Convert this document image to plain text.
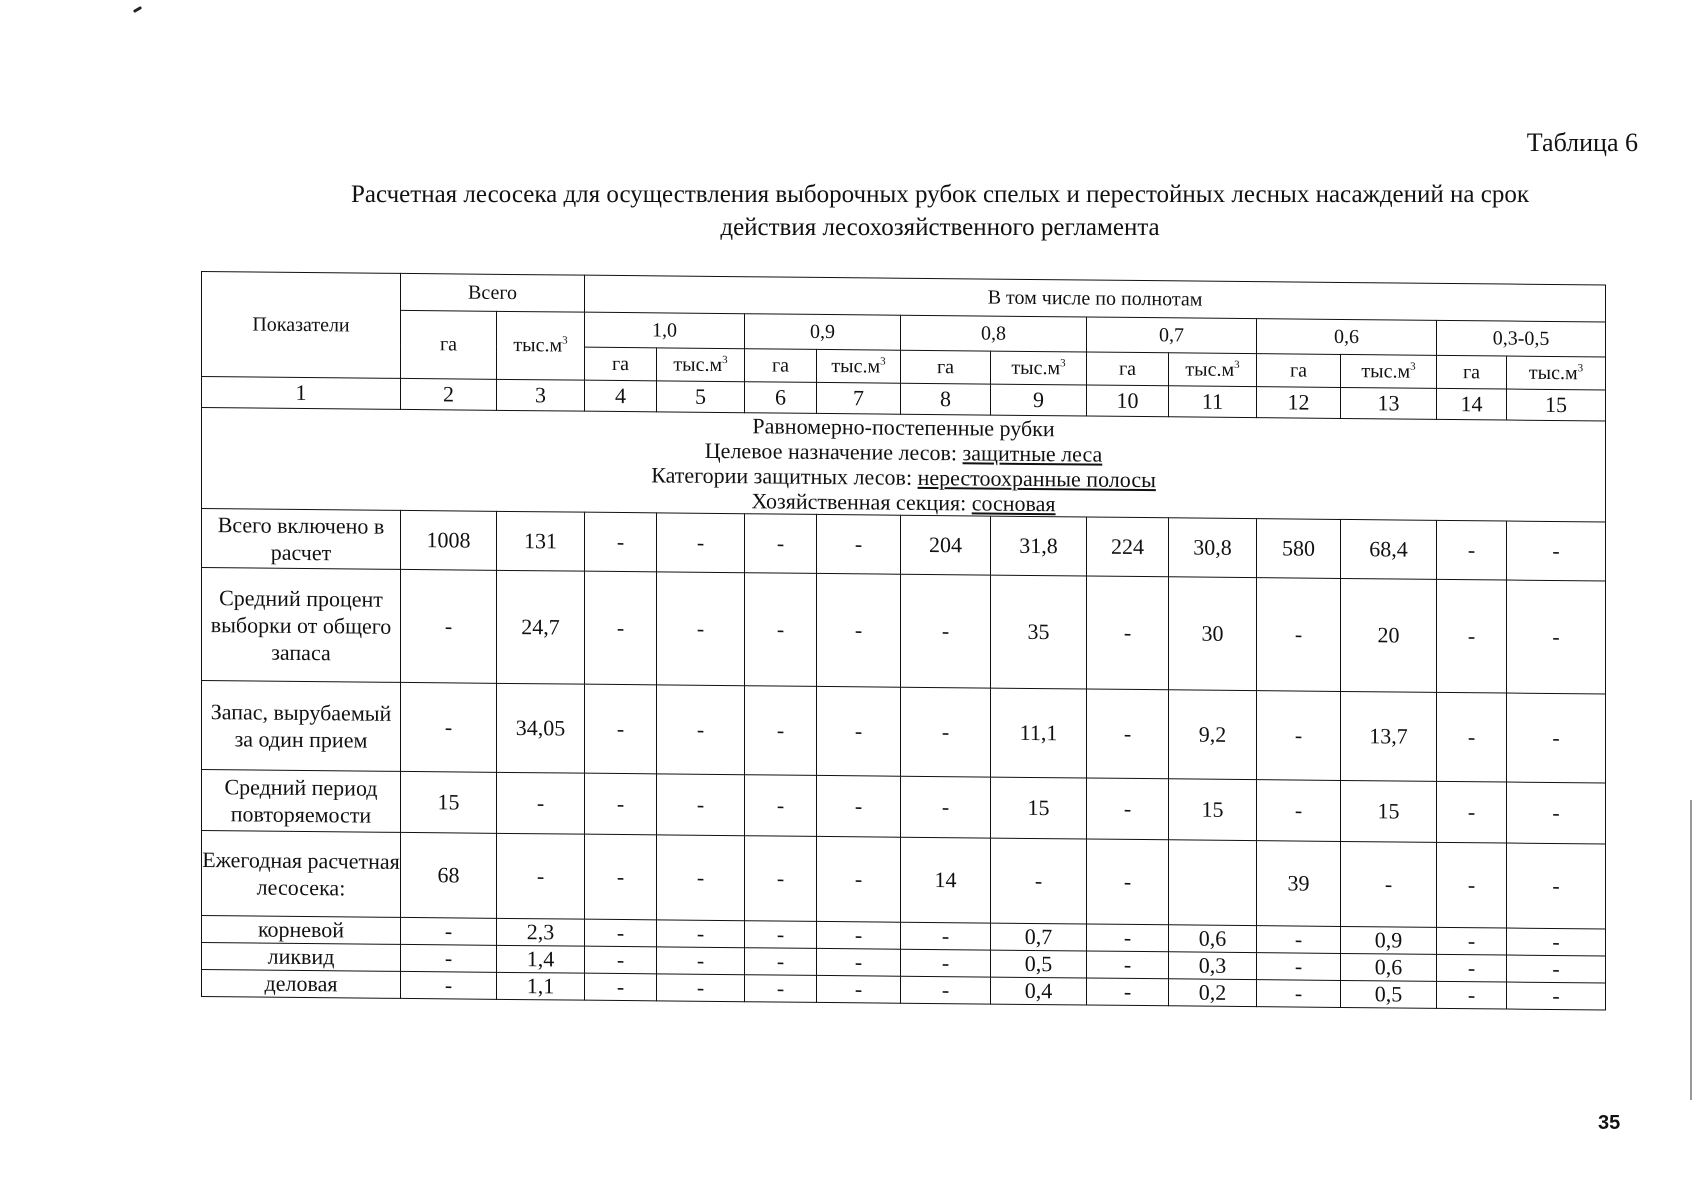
Таблица 6
Расчетная лесосека для осуществления выборочных рубок спелых и перестойных лесных насаждений на срок
действия лесохозяйственного регламента
Показатели	Всего		В том числе по полнотам											
	га	$тыс.м^3$	1,0		0,9		0,8		0,7		0,6		0,3-0,5	
			га	$тыс.м^3$	га	$тыс.м^3$	га	$тыс.м^3$	га	$тыс.м^3$	га	$тыс.м^3$	га	$тыс.м^3$
1	2	3	4	5	6	7	8	9	10	11	12	13	14	15

Равномерно-постепенные рубки
Целевое назначение лесов: защитные леса
Категории защитных лесов: нерестоохранные полосы
Хозяйственная секция: сосновая														

Всего включено в расчет	1008	131	-	-	-	-	204	31,8	224	30,8	580	68,4	-	-
Средний процент выборки от общего запаса	-	24,7	-	-	-	-	-	35	-	30	-	20	-	-
Запас, вырубаемый за один прием	-	34,05	-	-	-	-	-	11,1	-	9,2	-	13,7	-	-
Средний период повторяемости	15	-	-	-	-	-	-	15	-	15	-	15	-	-
Ежегодная расчетная лесосека:	68	-	-	-	-	-	14	-	-		39	-	-	-
корневой	-	2,3	-	-	-	-	-	0,7	-	0,6	-	0,9	-	-
ликвид	-	1,4	-	-	-	-	-	0,5	-	0,3	-	0,6	-	-
деловая	-	1,1	-	-	-	-	-	0,4	-	0,2	-	0,5	-	-
35
